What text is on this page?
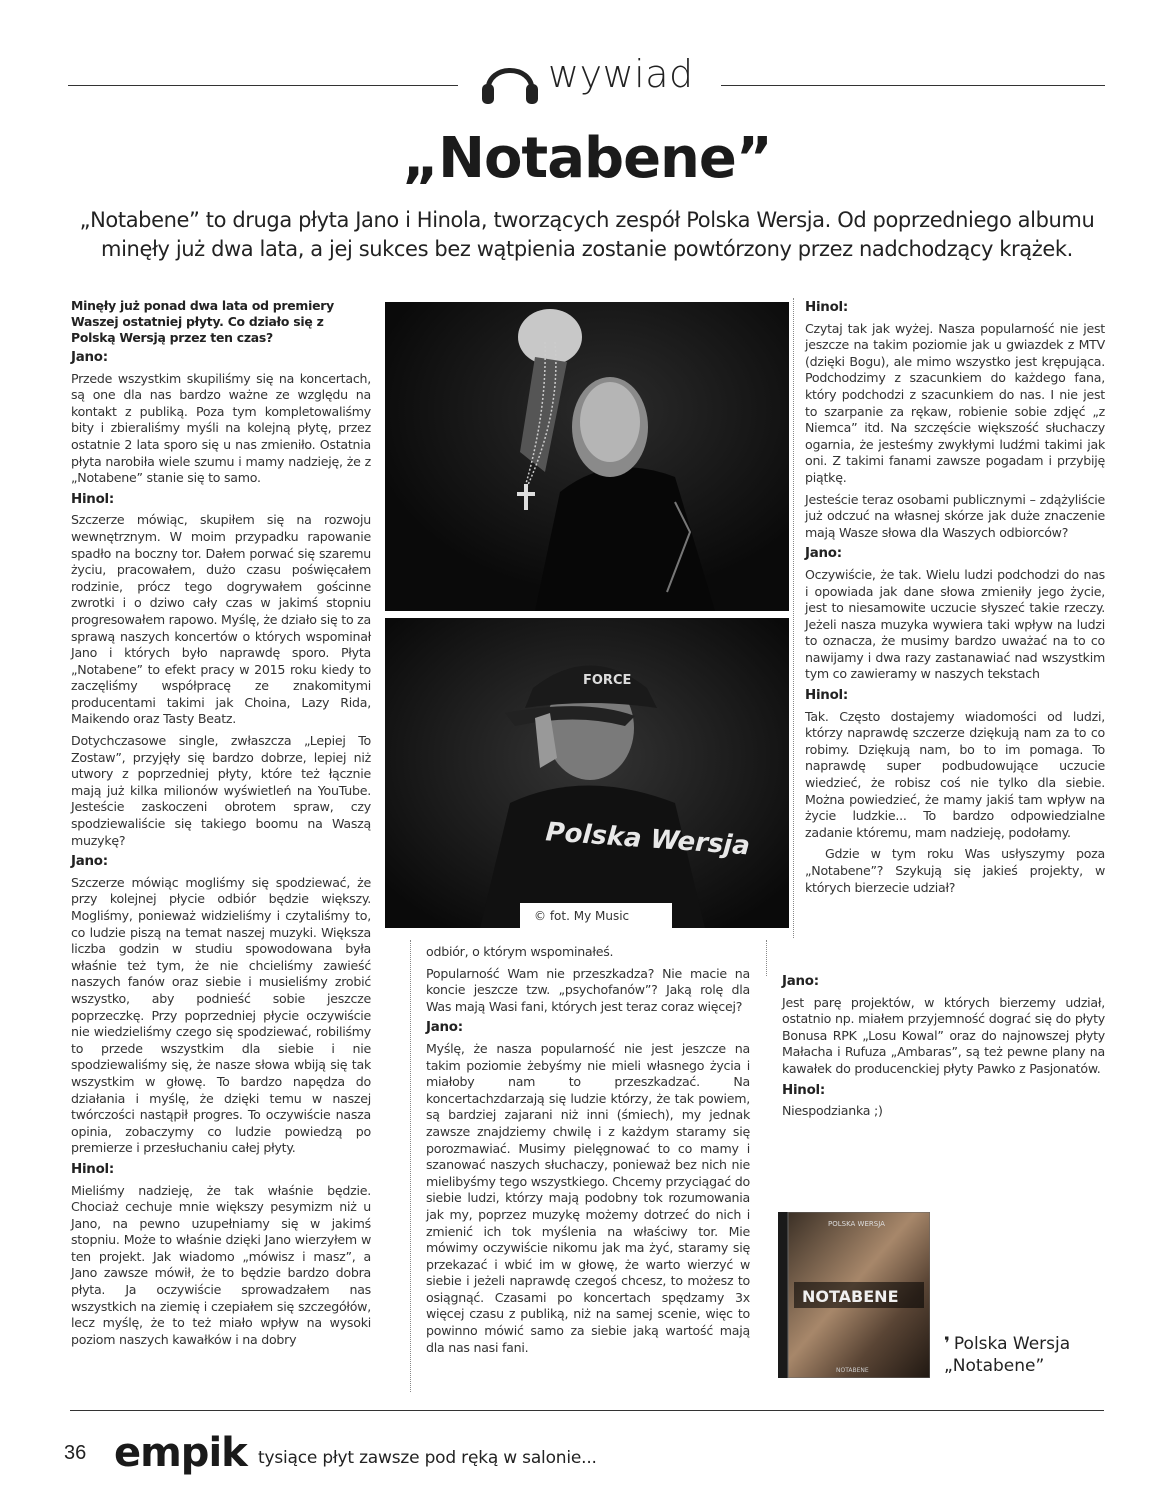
wywiad
„Notabene”
„Notabene” to druga płyta Jano i Hinola, tworzących zespół Polska Wersja. Od poprzedniego albumu minęły już dwa lata, a jej sukces bez wątpienia zostanie powtórzony przez nadchodzący krążek.

Minęły już ponad dwa lata od premiery Waszej ostatniej płyty. Co działo się z Polską Wersją przez ten czas?

Jano:

Przede wszystkim skupiliśmy się na koncertach, są one dla nas bardzo ważne ze względu na kontakt z publiką. Poza tym kompletowaliśmy bity i zbieraliśmy myśli na kolejną płytę, przez ostatnie 2 lata sporo się u nas zmieniło. Ostatnia płyta narobiła wiele szumu i mamy nadzieję, że z „Notabene” stanie się to samo.

Hinol:

Szczerze mówiąc, skupiłem się na rozwoju wewnętrznym. W moim przypadku rapowanie spadło na boczny tor. Dałem porwać się szaremu życiu, pracowałem, dużo czasu poświęcałem rodzinie, prócz tego dogrywałem gościnne zwrotki i o dziwo cały czas w jakimś stopniu progresowałem rapowo. Myślę, że działo się to za sprawą naszych koncertów o których wspominał Jano i których było naprawdę sporo. Płyta „Notabene” to efekt pracy w 2015 roku kiedy to zaczęliśmy współpracę ze znakomitymi producentami takimi jak Choina, Lazy Rida, Maikendo oraz Tasty Beatz.

Dotychczasowe single, zwłaszcza „Lepiej To Zostaw”, przyjęły się bardzo dobrze, lepiej niż utwory z poprzedniej płyty, które też łącznie mają już kilka milionów wyświetleń na YouTube. Jesteście zaskoczeni obrotem spraw, czy spodziewaliście się takiego boomu na Waszą muzykę?

Jano:

Szczerze mówiąc mogliśmy się spodziewać, że przy kolejnej płycie odbiór będzie większy. Mogliśmy, ponieważ widzieliśmy i czytaliśmy to, co ludzie piszą na temat naszej muzyki. Większa liczba godzin w studiu spowodowana była właśnie też tym, że nie chcieliśmy zawieść naszych fanów oraz siebie i musieliśmy zrobić wszystko, aby podnieść sobie jeszcze poprzeczkę. Przy poprzedniej płycie oczywiście nie wiedzieliśmy czego się spodziewać, robiliśmy to przede wszystkim dla siebie i nie spodziewaliśmy się, że nasze słowa wbiją się tak wszystkim w głowę. To bardzo napędza do działania i myślę, że dzięki temu w naszej twórczości nastąpił progres. To oczywiście nasza opinia, zobaczymy co ludzie powiedzą po premierze i przesłuchaniu całej płyty.

Hinol:

Mieliśmy nadzieję, że tak właśnie będzie. Chociaż cechuje mnie większy pesymizm niż u Jano, na pewno uzupełniamy się w jakimś stopniu. Może to właśnie dzięki Jano wierzyłem w ten projekt. Jak wiadomo „mówisz i masz”, a Jano zawsze mówił, że to będzie bardzo dobra płyta. Ja oczywiście sprowadzałem nas wszystkich na ziemię i czepiałem się szczegółów, lecz myślę, że to też miało wpływ na wysoki poziom naszych kawałków i na dobry

FORCE
Polska Wersja
© fot. My Music

odbiór, o którym wspominałeś.

Popularność Wam nie przeszkadza? Nie macie na koncie jeszcze tzw. „psychofanów”? Jaką rolę dla Was mają Wasi fani, których jest teraz coraz więcej?

Jano:

Myślę, że nasza popularność nie jest jeszcze na takim poziomie żebyśmy nie mieli własnego życia i miałoby nam to przeszkadzać. Na koncertachzdarzają się ludzie którzy, że tak powiem, są bardziej zajarani niż inni (śmiech), my jednak zawsze znajdziemy chwilę i z każdym staramy się porozmawiać. Musimy pielęgnować to co mamy i szanować naszych słuchaczy, ponieważ bez nich nie mielibyśmy tego wszystkiego. Chcemy przyciągać do siebie ludzi, którzy mają podobny tok rozumowania jak my, poprzez muzykę możemy dotrzeć do nich i zmienić ich tok myślenia na właściwy tor. Mie mówimy oczywiście nikomu jak ma żyć, staramy się przekazać i wbić im w głowę, że warto wierzyć w siebie i jeżeli naprawdę czegoś chcesz, to możesz to osiągnąć. Czasami po koncertach spędzamy 3x więcej czasu z publiką, niż na samej scenie, więc to powinno mówić samo za siebie jaką wartość mają dla nas nasi fani.

Hinol:

Czytaj tak jak wyżej. Nasza popularność nie jest jeszcze na takim poziomie jak u gwiazdek z MTV (dzięki Bogu), ale mimo wszystko jest krępująca. Podchodzimy z szacunkiem do każdego fana, który podchodzi z szacunkiem do nas. I nie jest to szarpanie za rękaw, robienie sobie zdjęć „z Niemca” itd. Na szczęście większość słuchaczy ogarnia, że jesteśmy zwykłymi ludźmi takimi jak oni. Z takimi fanami zawsze pogadam i przybiję piątkę.

Jesteście teraz osobami publicznymi – zdążyliście już odczuć na własnej skórze jak duże znaczenie mają Wasze słowa dla Waszych odbiorców?

Jano:

Oczywiście, że tak. Wielu ludzi podchodzi do nas i opowiada jak dane słowa zmieniły jego życie, jest to niesamowite uczucie słyszeć takie rzeczy. Jeżeli nasza muzyka wywiera taki wpływ na ludzi to oznacza, że musimy bardzo uważać na to co nawijamy i dwa razy zastanawiać nad wszystkim tym co zawieramy w naszych tekstach

Hinol:

Tak. Często dostajemy wiadomości od ludzi, którzy naprawdę szczerze dziękują nam za to co robimy. Dziękują nam, bo to im pomaga. To naprawdę super podbudowujące uczucie wiedzieć, że robisz coś nie tylko dla siebie. Można powiedzieć, że mamy jakiś tam wpływ na życie ludzkie... To bardzo odpowiedzialne zadanie któremu, mam nadzieję, podołamy.

Gdzie w tym roku Was usłyszymy poza „Notabene”? Szykują się jakieś projekty, w których bierzecie udział?

Jano:

Jest parę projektów, w których bierzemy udział, ostatnio np. miałem przyjemność dograć się do płyty Bonusa RPK „Losu Kowal” oraz do najnowszej płyty Małacha i Rufuza „Ambaras”, są też pewne plany na kawałek do producenckiej płyty Pawko z Pasjonatów.

Hinol:

Niespodzianka ;)

POLSKA WERSJA
NOTABENE
NOTABENE
❜ Polska Wersja
„Notabene”
36 empik tysiące płyt zawsze pod ręką w salonie...
